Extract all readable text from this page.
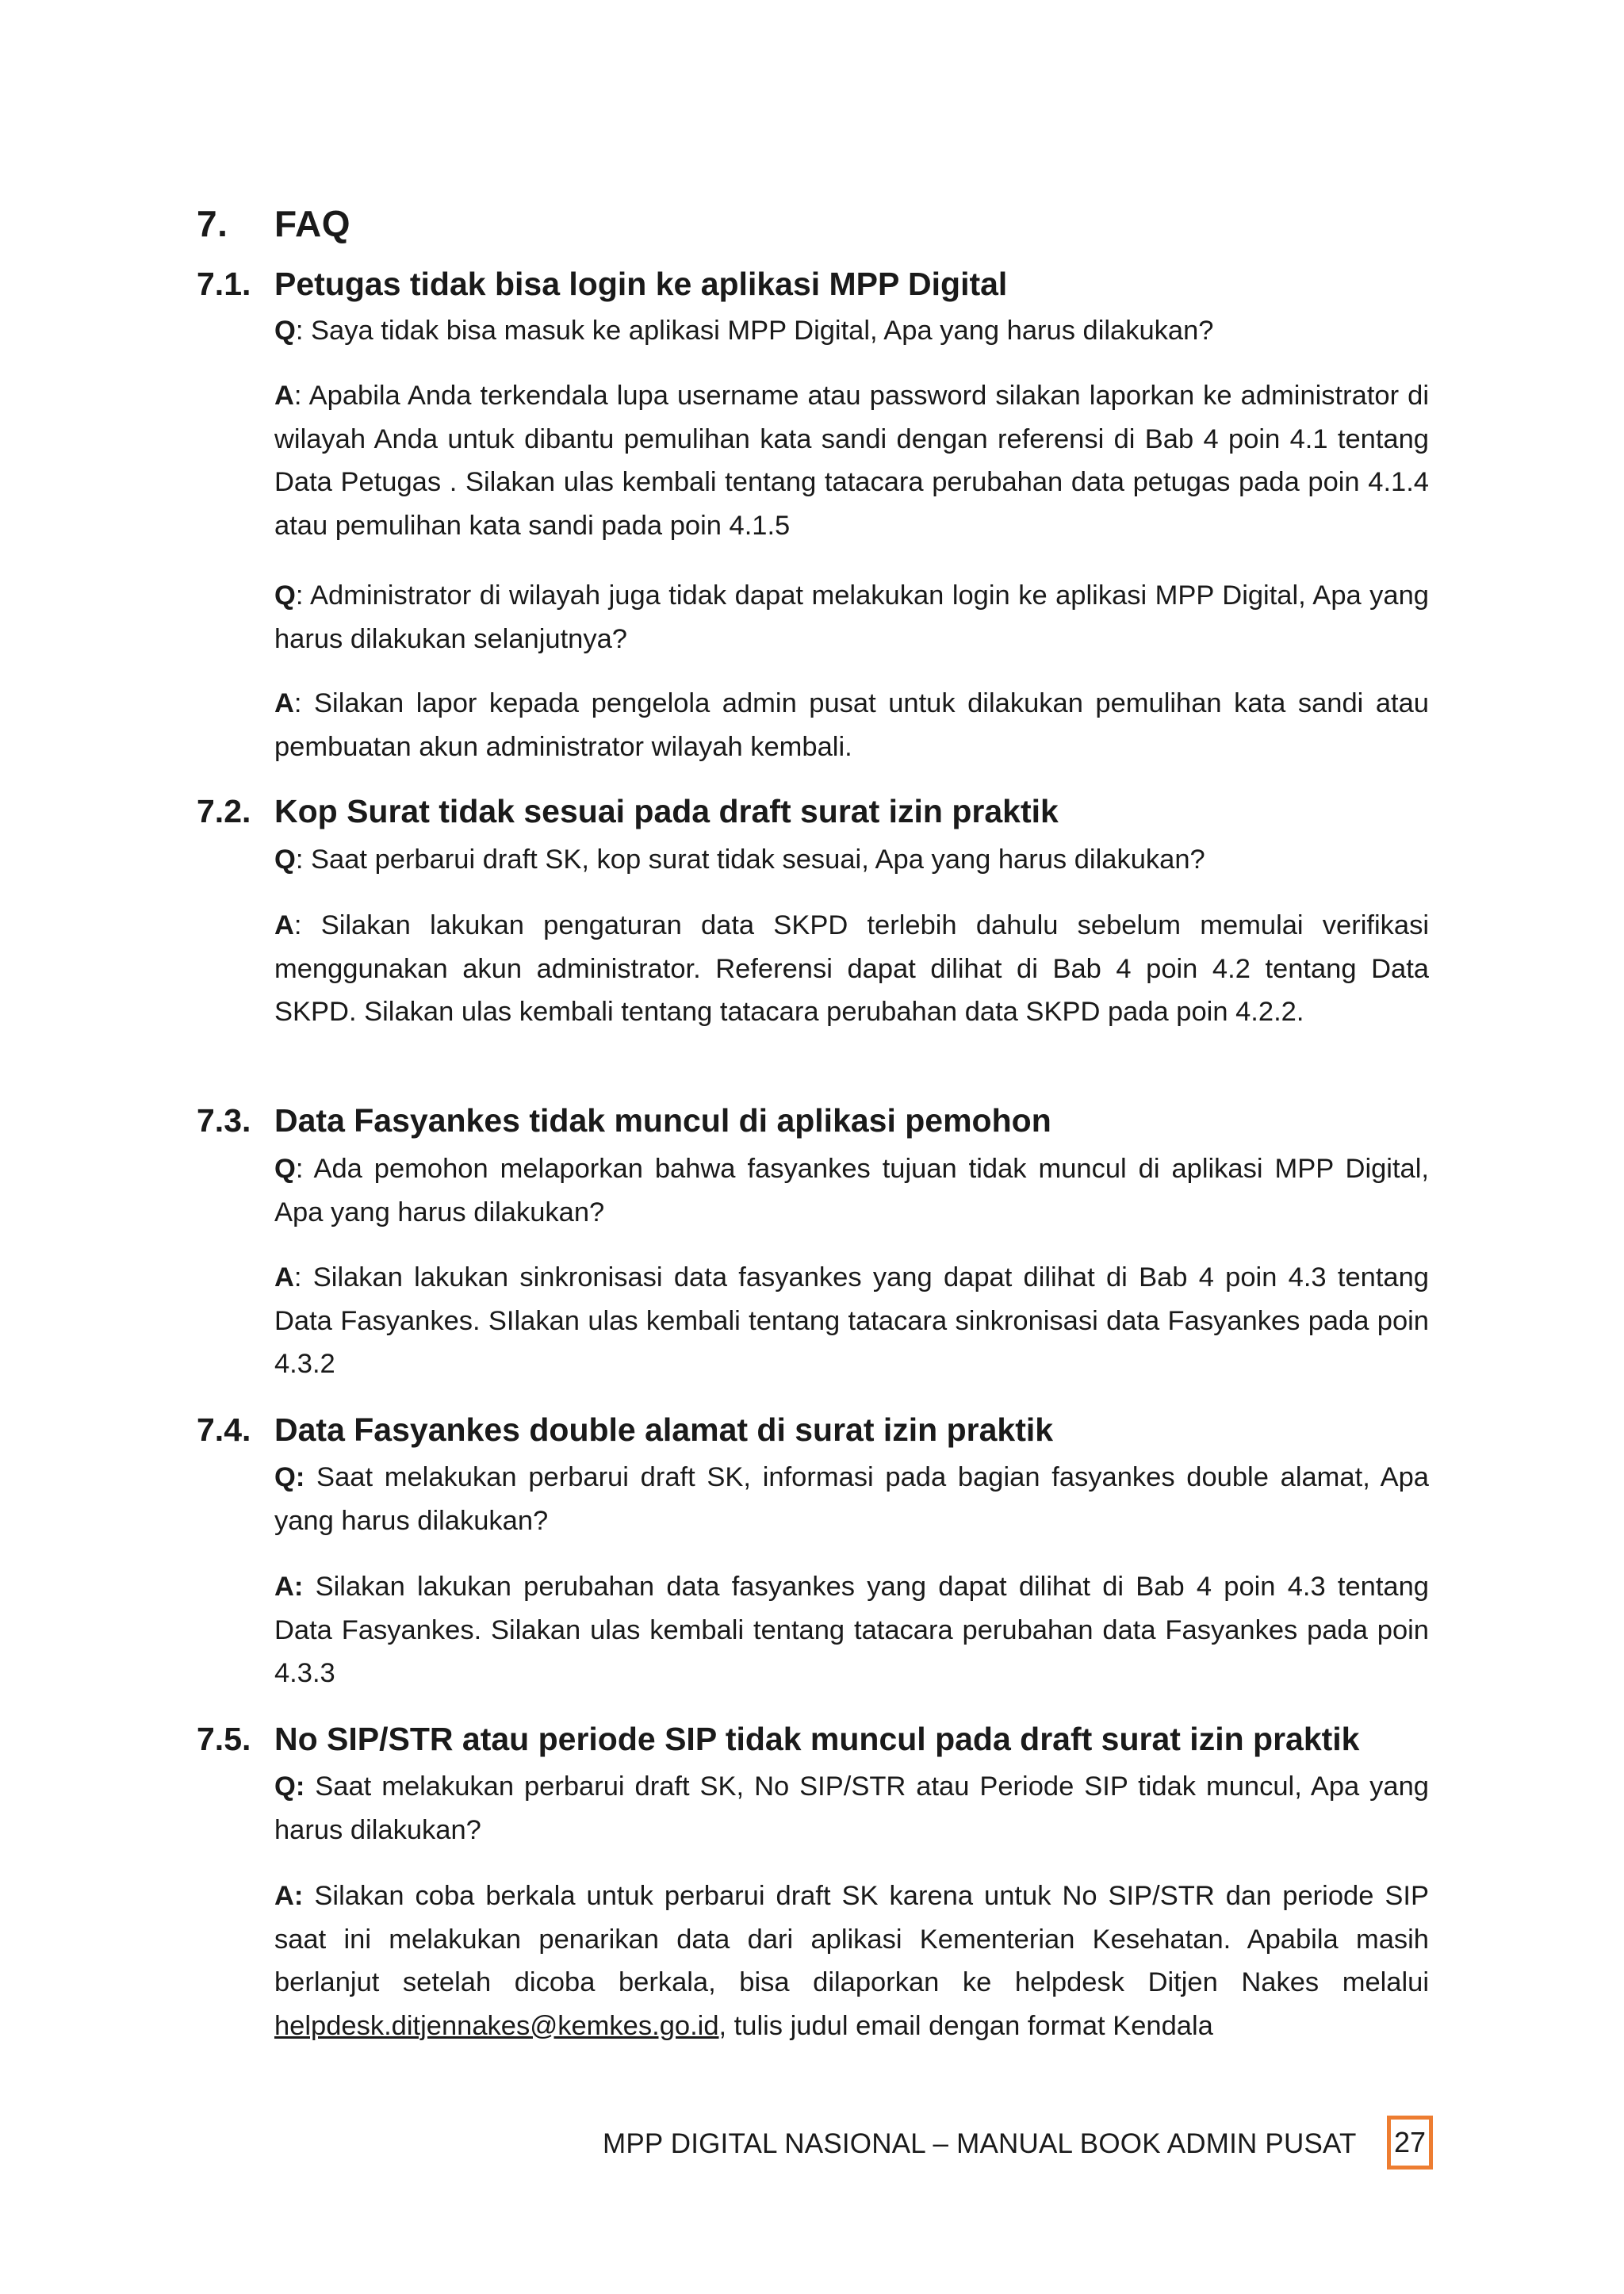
7. FAQ
7.1. Petugas tidak bisa login ke aplikasi MPP Digital
Q: Saya tidak bisa masuk ke aplikasi MPP Digital, Apa yang harus dilakukan?
A: Apabila Anda terkendala lupa username atau password silakan laporkan ke administrator di wilayah Anda untuk dibantu pemulihan kata sandi dengan referensi di Bab 4 poin 4.1 tentang Data Petugas . Silakan ulas kembali tentang tatacara perubahan data petugas pada poin 4.1.4 atau pemulihan kata sandi pada poin 4.1.5
Q: Administrator di wilayah juga tidak dapat melakukan login ke aplikasi MPP Digital, Apa yang harus dilakukan selanjutnya?
A: Silakan lapor kepada pengelola admin pusat untuk dilakukan pemulihan kata sandi atau pembuatan akun administrator wilayah kembali.
7.2. Kop Surat tidak sesuai pada draft surat izin praktik
Q: Saat perbarui draft SK, kop surat tidak sesuai, Apa yang harus dilakukan?
A: Silakan lakukan pengaturan data SKPD terlebih dahulu sebelum memulai verifikasi menggunakan akun administrator. Referensi dapat dilihat di Bab 4 poin 4.2 tentang Data SKPD. Silakan ulas kembali tentang tatacara perubahan data SKPD pada poin 4.2.2.
7.3. Data Fasyankes tidak muncul di aplikasi pemohon
Q: Ada pemohon melaporkan bahwa fasyankes tujuan tidak muncul di aplikasi MPP Digital, Apa yang harus dilakukan?
A: Silakan lakukan sinkronisasi data fasyankes yang dapat dilihat di Bab 4 poin 4.3 tentang Data Fasyankes. SIlakan ulas kembali tentang tatacara sinkronisasi data Fasyankes pada poin 4.3.2
7.4. Data Fasyankes double alamat di surat izin praktik
Q: Saat melakukan perbarui draft SK, informasi pada bagian fasyankes double alamat, Apa yang harus dilakukan?
A: Silakan lakukan perubahan data fasyankes yang dapat dilihat di Bab 4 poin 4.3 tentang Data Fasyankes. Silakan ulas kembali tentang tatacara perubahan data Fasyankes pada poin 4.3.3
7.5. No SIP/STR atau periode SIP tidak muncul pada draft surat izin praktik
Q: Saat melakukan perbarui draft SK, No SIP/STR atau Periode SIP tidak muncul, Apa yang harus dilakukan?
A: Silakan coba berkala untuk perbarui draft SK karena untuk No SIP/STR dan periode SIP saat ini melakukan penarikan data dari aplikasi Kementerian Kesehatan. Apabila masih berlanjut setelah dicoba berkala, bisa dilaporkan ke helpdesk Ditjen Nakes melalui helpdesk.ditjennakes@kemkes.go.id, tulis judul email dengan format Kendala
MPP DIGITAL NASIONAL – MANUAL BOOK ADMIN PUSAT 27
